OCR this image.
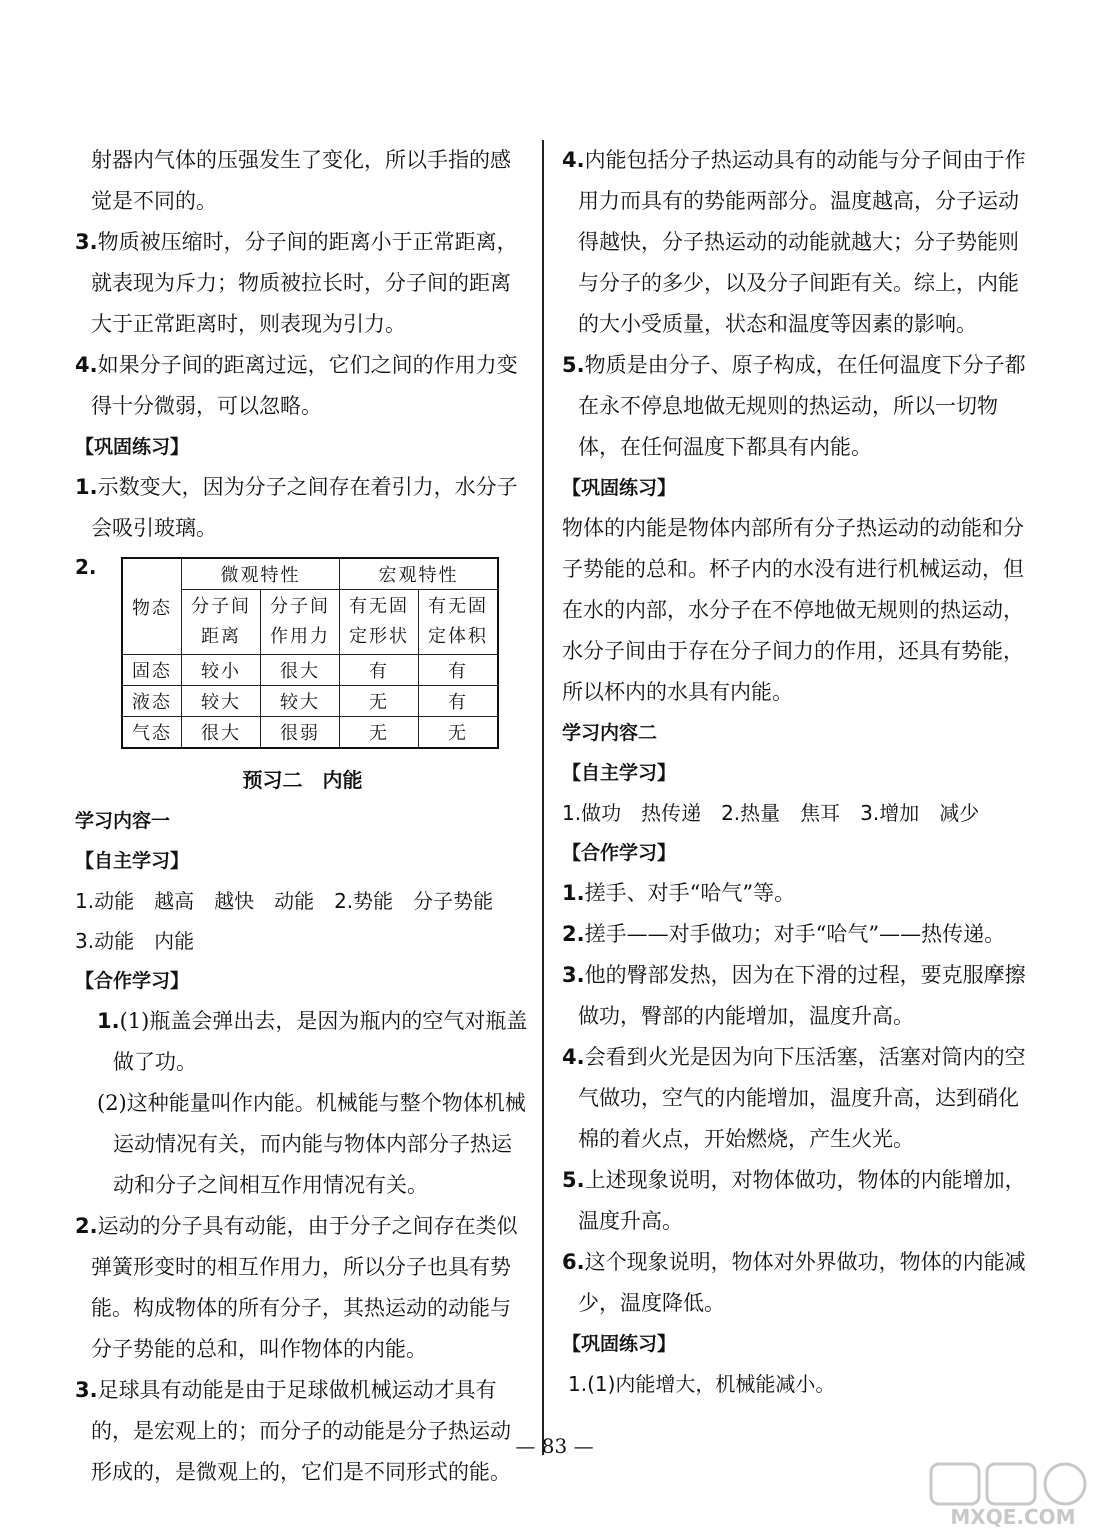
射器内气体的压强发生了变化，所以手指的感觉是不同的。

3.物质被压缩时，分子间的距离小于正常距离，就表现为斥力；物质被拉长时，分子间的距离大于正常距离时，则表现为引力。

4.如果分子间的距离过远，它们之间的作用力变得十分微弱，可以忽略。

【巩固练习】

1.示数变大，因为分子之间存在着引力，水分子会吸引玻璃。

2.
物态	微观特性		宏观特性	
	分子间距离	分子间作用力	有无固定形状	有无固定体积
固态	较小	很大	有	有
液态	较大	较大	无	有
气态	很大	很弱	无	无

预习二　内能

学习内容一

【自主学习】

1.动能　越高　越快　动能　2.势能　分子势能

3.动能　内能

【合作学习】

1.(1)瓶盖会弹出去，是因为瓶内的空气对瓶盖做了功。

(2)这种能量叫作内能。机械能与整个物体机械运动情况有关，而内能与物体内部分子热运动和分子之间相互作用情况有关。

2.运动的分子具有动能，由于分子之间存在类似弹簧形变时的相互作用力，所以分子也具有势能。构成物体的所有分子，其热运动的动能与分子势能的总和，叫作物体的内能。

3.足球具有动能是由于足球做机械运动才具有的，是宏观上的；而分子的动能是分子热运动形成的，是微观上的，它们是不同形式的能。

4.内能包括分子热运动具有的动能与分子间由于作用力而具有的势能两部分。温度越高，分子运动得越快，分子热运动的动能就越大；分子势能则与分子的多少，以及分子间距有关。综上，内能的大小受质量，状态和温度等因素的影响。

5.物质是由分子、原子构成，在任何温度下分子都在永不停息地做无规则的热运动，所以一切物体，在任何温度下都具有内能。

【巩固练习】

物体的内能是物体内部所有分子热运动的动能和分子势能的总和。杯子内的水没有进行机械运动，但在水的内部，水分子在不停地做无规则的热运动，水分子间由于存在分子间力的作用，还具有势能，所以杯内的水具有内能。

学习内容二

【自主学习】

1.做功　热传递　2.热量　焦耳　3.增加　减少

【合作学习】

1.搓手、对手“哈气”等。

2.搓手——对手做功；对手“哈气”——热传递。

3.他的臀部发热，因为在下滑的过程，要克服摩擦做功，臀部的内能增加，温度升高。

4.会看到火光是因为向下压活塞，活塞对筒内的空气做功，空气的内能增加，温度升高，达到硝化棉的着火点，开始燃烧，产生火光。

5.上述现象说明，对物体做功，物体的内能增加，温度升高。

6.这个现象说明，物体对外界做功，物体的内能减少，温度降低。

【巩固练习】

1.(1)内能增大，机械能减小。

— 83 —
MXQE.COM
